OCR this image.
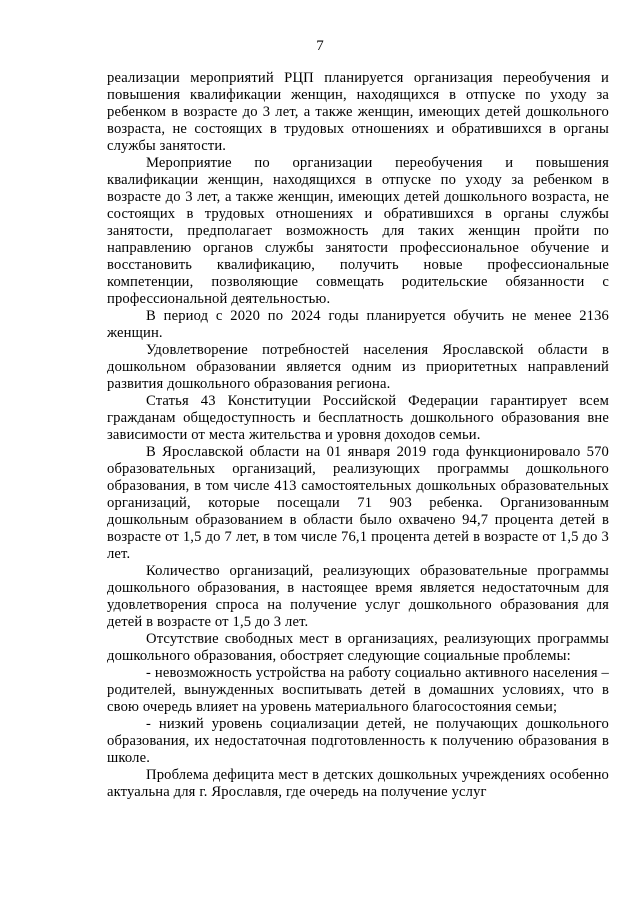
7

реализации мероприятий РЦП планируется организация переобучения и повышения квалификации женщин, находящихся в отпуске по уходу за ребенком в возрасте до 3 лет, а также женщин, имеющих детей дошкольного возраста, не состоящих в трудовых отношениях и обратившихся в органы службы занятости.

Мероприятие по организации переобучения и повышения квалификации женщин, находящихся в отпуске по уходу за ребенком в возрасте до 3 лет, а также женщин, имеющих детей дошкольного возраста, не состоящих в трудовых отношениях и обратившихся в органы службы занятости, предполагает возможность для таких женщин пройти по направлению органов службы занятости профессиональное обучение и восстановить квалификацию, получить новые профессиональные компетенции, позволяющие совмещать родительские обязанности с профессиональной деятельностью.

В период с 2020 по 2024 годы планируется обучить не менее 2136 женщин.

Удовлетворение потребностей населения Ярославской области в дошкольном образовании является одним из приоритетных направлений развития дошкольного образования региона.

Статья 43 Конституции Российской Федерации гарантирует всем гражданам общедоступность и бесплатность дошкольного образования вне зависимости от места жительства и уровня доходов семьи.

В Ярославской области на 01 января 2019 года функционировало 570 образовательных организаций, реализующих программы дошкольного образования, в том числе 413 самостоятельных дошкольных образовательных организаций, которые посещали 71 903 ребенка. Организованным дошкольным образованием в области было охвачено 94,7 процента детей в возрасте от 1,5 до 7 лет, в том числе 76,1 процента детей в возрасте от 1,5 до 3 лет.

Количество организаций, реализующих образовательные программы дошкольного образования, в настоящее время является недостаточным для удовлетворения спроса на получение услуг дошкольного образования для детей в возрасте от 1,5 до 3 лет.

Отсутствие свободных мест в организациях, реализующих программы дошкольного образования, обостряет следующие социальные проблемы:

- невозможность устройства на работу социально активного населения – родителей, вынужденных воспитывать детей в домашних условиях, что в свою очередь влияет на уровень материального благосостояния семьи;

- низкий уровень социализации детей, не получающих дошкольного образования, их недостаточная подготовленность к получению образования в школе.

Проблема дефицита мест в детских дошкольных учреждениях особенно актуальна для г. Ярославля, где очередь на получение услуг
